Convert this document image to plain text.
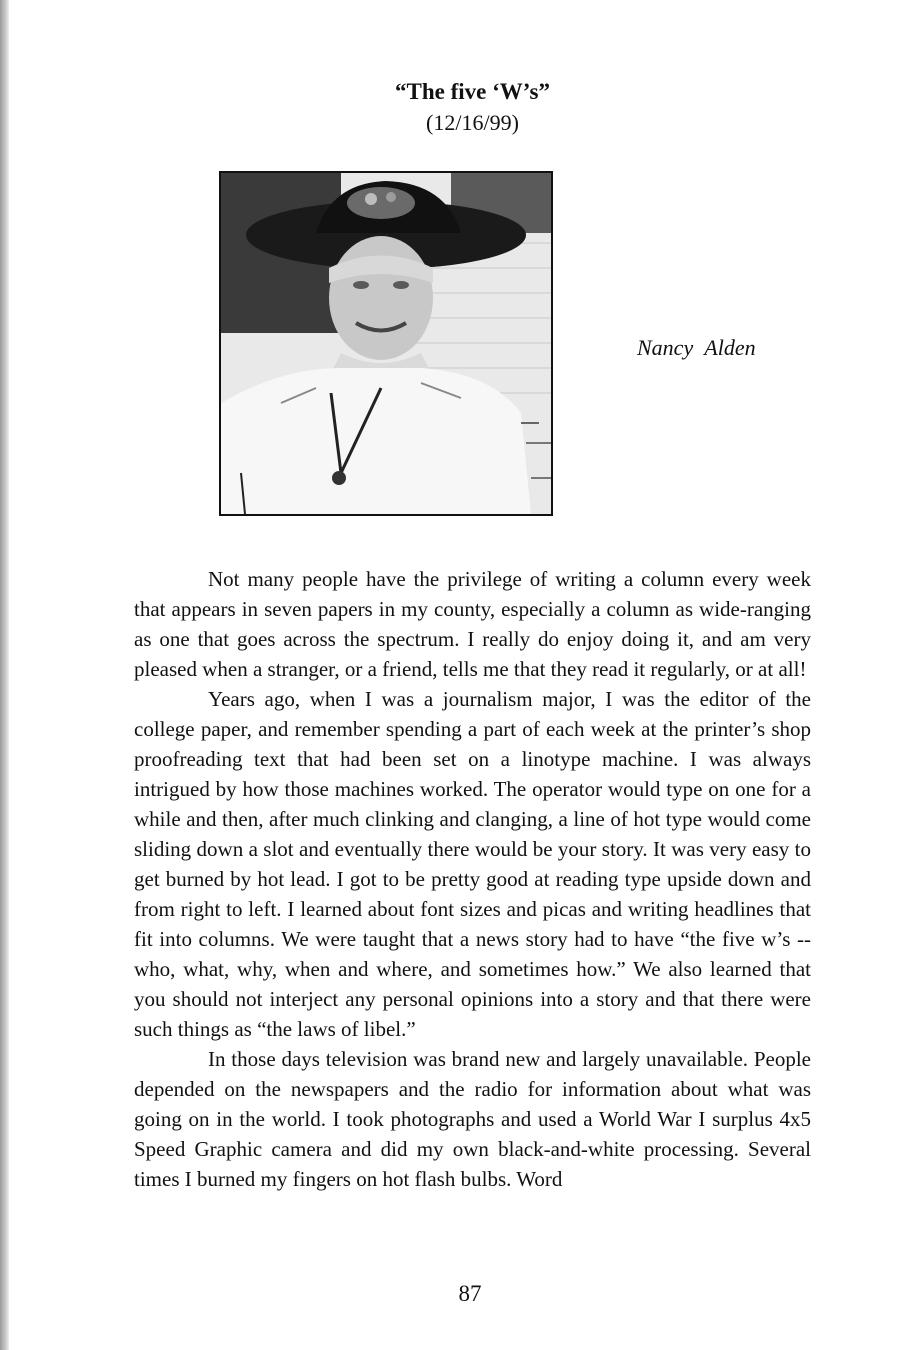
“The five ‘W’s”
(12/16/99)
Nancy Alden

Not many people have the privilege of writing a column every week that appears in seven papers in my county, especially a column as wide-ranging as one that goes across the spectrum. I really do enjoy doing it, and am very pleased when a stranger, or a friend, tells me that they read it regularly, or at all!

Years ago, when I was a journalism major, I was the editor of the college paper, and remember spending a part of each week at the printer’s shop proofreading text that had been set on a linotype machine. I was always intrigued by how those machines worked. The operator would type on one for a while and then, after much clinking and clanging, a line of hot type would come sliding down a slot and eventually there would be your story. It was very easy to get burned by hot lead. I got to be pretty good at reading type upside down and from right to left. I learned about font sizes and picas and writing headlines that fit into columns. We were taught that a news story had to have “the five w’s -- who, what, why, when and where, and sometimes how.” We also learned that you should not interject any personal opinions into a story and that there were such things as “the laws of libel.”

In those days television was brand new and largely unavailable. People depended on the newspapers and the radio for information about what was going on in the world. I took photographs and used a World War I surplus 4x5 Speed Graphic camera and did my own black-and-white processing. Several times I burned my fingers on hot flash bulbs. Word

87
